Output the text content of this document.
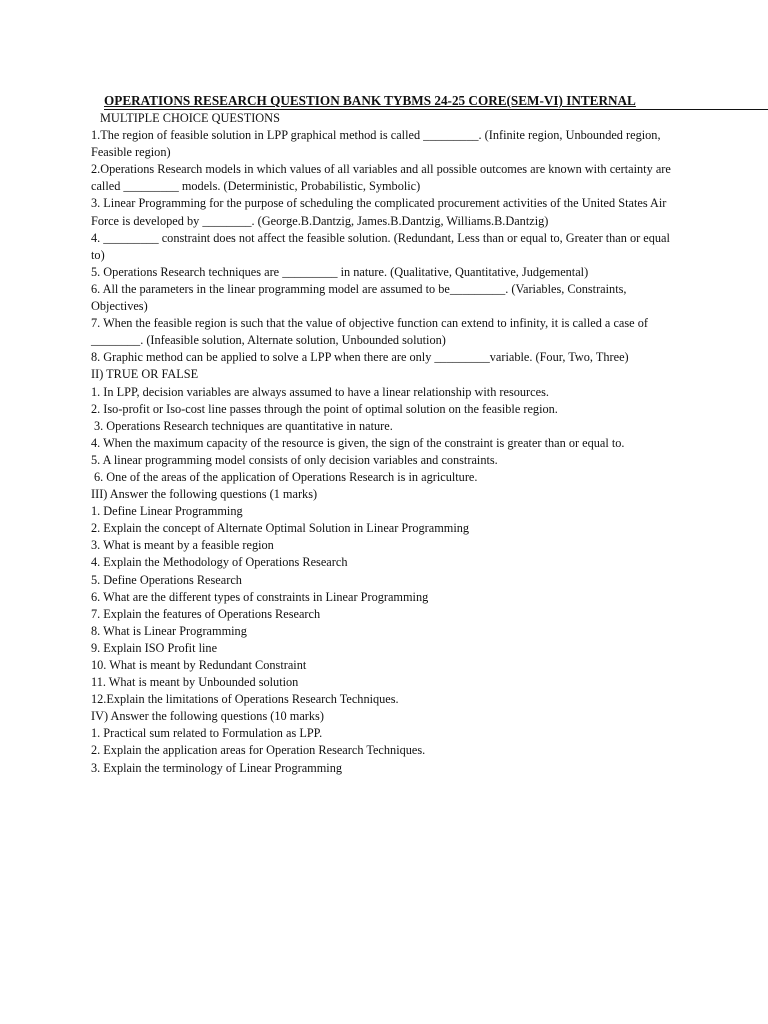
OPERATIONS RESEARCH QUESTION BANK TYBMS 24-25 CORE(SEM-VI) INTERNAL

MULTIPLE CHOICE QUESTIONS

1.The region of feasible solution in LPP graphical method is called _________. (Infinite region, Unbounded region, Feasible region)

2.Operations Research models in which values of all variables and all possible outcomes are known with certainty are called _________ models. (Deterministic, Probabilistic, Symbolic)

3. Linear Programming for the purpose of scheduling the complicated procurement activities of the United States Air Force is developed by ________. (George.B.Dantzig, James.B.Dantzig, Williams.B.Dantzig)

4. _________ constraint does not affect the feasible solution. (Redundant, Less than or equal to, Greater than or equal to)

5. Operations Research techniques are _________ in nature. (Qualitative, Quantitative, Judgemental)

6. All the parameters in the linear programming model are assumed to be_________. (Variables, Constraints, Objectives)

7. When the feasible region is such that the value of objective function can extend to infinity, it is called a case of ________. (Infeasible solution, Alternate solution, Unbounded solution)

8. Graphic method can be applied to solve a LPP when there are only _________variable. (Four, Two, Three)

II) TRUE OR FALSE

1. In LPP, decision variables are always assumed to have a linear relationship with resources.

2. Iso-profit or Iso-cost line passes through the point of optimal solution on the feasible region.

3. Operations Research techniques are quantitative in nature.

4. When the maximum capacity of the resource is given, the sign of the constraint is greater than or equal to.

5. A linear programming model consists of only decision variables and constraints.

6. One of the areas of the application of Operations Research is in agriculture.

III) Answer the following questions (1 marks)

1. Define Linear Programming

2. Explain the concept of Alternate Optimal Solution in Linear Programming

3. What is meant by a feasible region

4. Explain the Methodology of Operations Research

5. Define Operations Research

6. What are the different types of constraints in Linear Programming

7. Explain the features of Operations Research

8. What is Linear Programming

9. Explain ISO Profit line

10. What is meant by Redundant Constraint

11. What is meant by Unbounded solution

12.Explain the limitations of Operations Research Techniques.

IV) Answer the following questions (10 marks)

1. Practical sum related to Formulation as LPP.

2. Explain the application areas for Operation Research Techniques.

3. Explain the terminology of Linear Programming
